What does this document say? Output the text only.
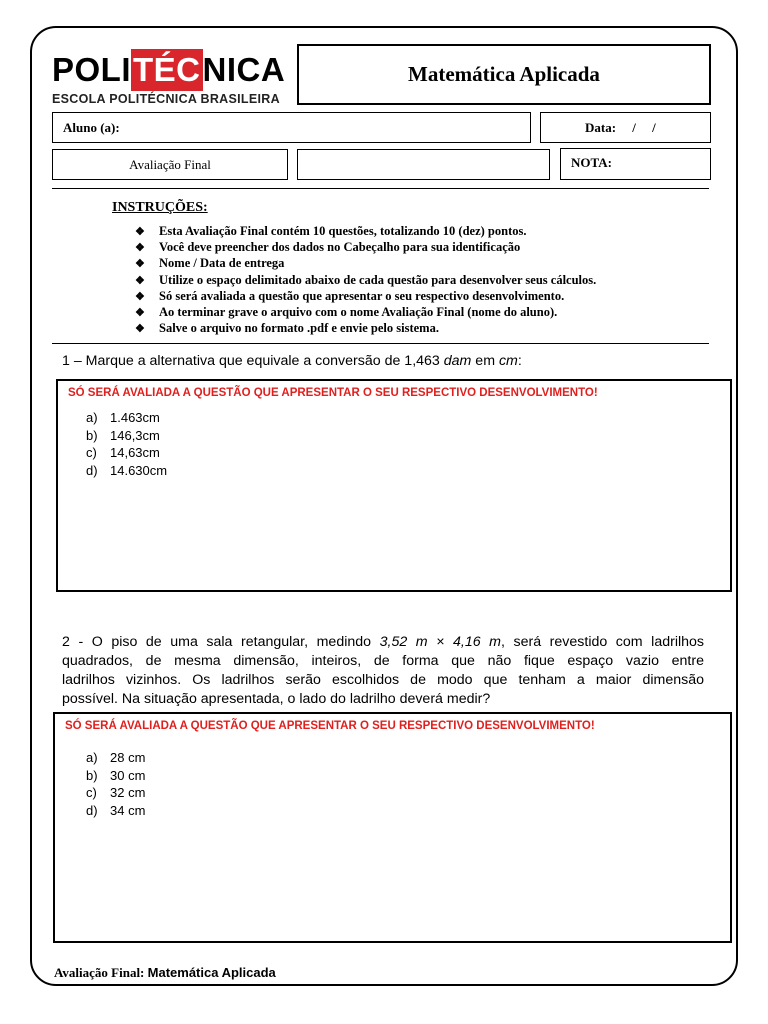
POLI TÉC NICA
ESCOLA POLITÉCNICA BRASILEIRA
Matemática Aplicada
Aluno (a):	Data:     /     /
Avaliação Final	NOTA:
INSTRUÇÕES:
❖ Esta Avaliação Final contém 10 questões, totalizando 10 (dez) pontos.
❖ Você deve preencher dos dados no Cabeçalho para sua identificação
❖ Nome / Data de entrega
❖ Utilize o espaço delimitado abaixo de cada questão para desenvolver seus cálculos.
❖ Só será avaliada a questão que apresentar o seu respectivo desenvolvimento.
❖ Ao terminar grave o arquivo com o nome Avaliação Final (nome do aluno).
❖ Salve o arquivo no formato .pdf e envie pelo sistema.
1 – Marque a alternativa que equivale a conversão de 1,463 dam em cm:
SÓ SERÁ AVALIADA A QUESTÃO QUE APRESENTAR O SEU RESPECTIVO DESENVOLVIMENTO!
a) 1.463cm
b) 146,3cm
c) 14,63cm
d) 14.630cm
2 - O piso de uma sala retangular, medindo 3,52 m × 4,16 m, será revestido com ladrilhos
quadrados, de mesma dimensão, inteiros, de forma que não fique espaço vazio entre
ladrilhos vizinhos. Os ladrilhos serão escolhidos de modo que tenham a maior dimensão
possível. Na situação apresentada, o lado do ladrilho deverá medir?
SÓ SERÁ AVALIADA A QUESTÃO QUE APRESENTAR O SEU RESPECTIVO DESENVOLVIMENTO!
a) 28 cm
b) 30 cm
c) 32 cm
d) 34 cm
Avaliação Final: Matemática Aplicada
